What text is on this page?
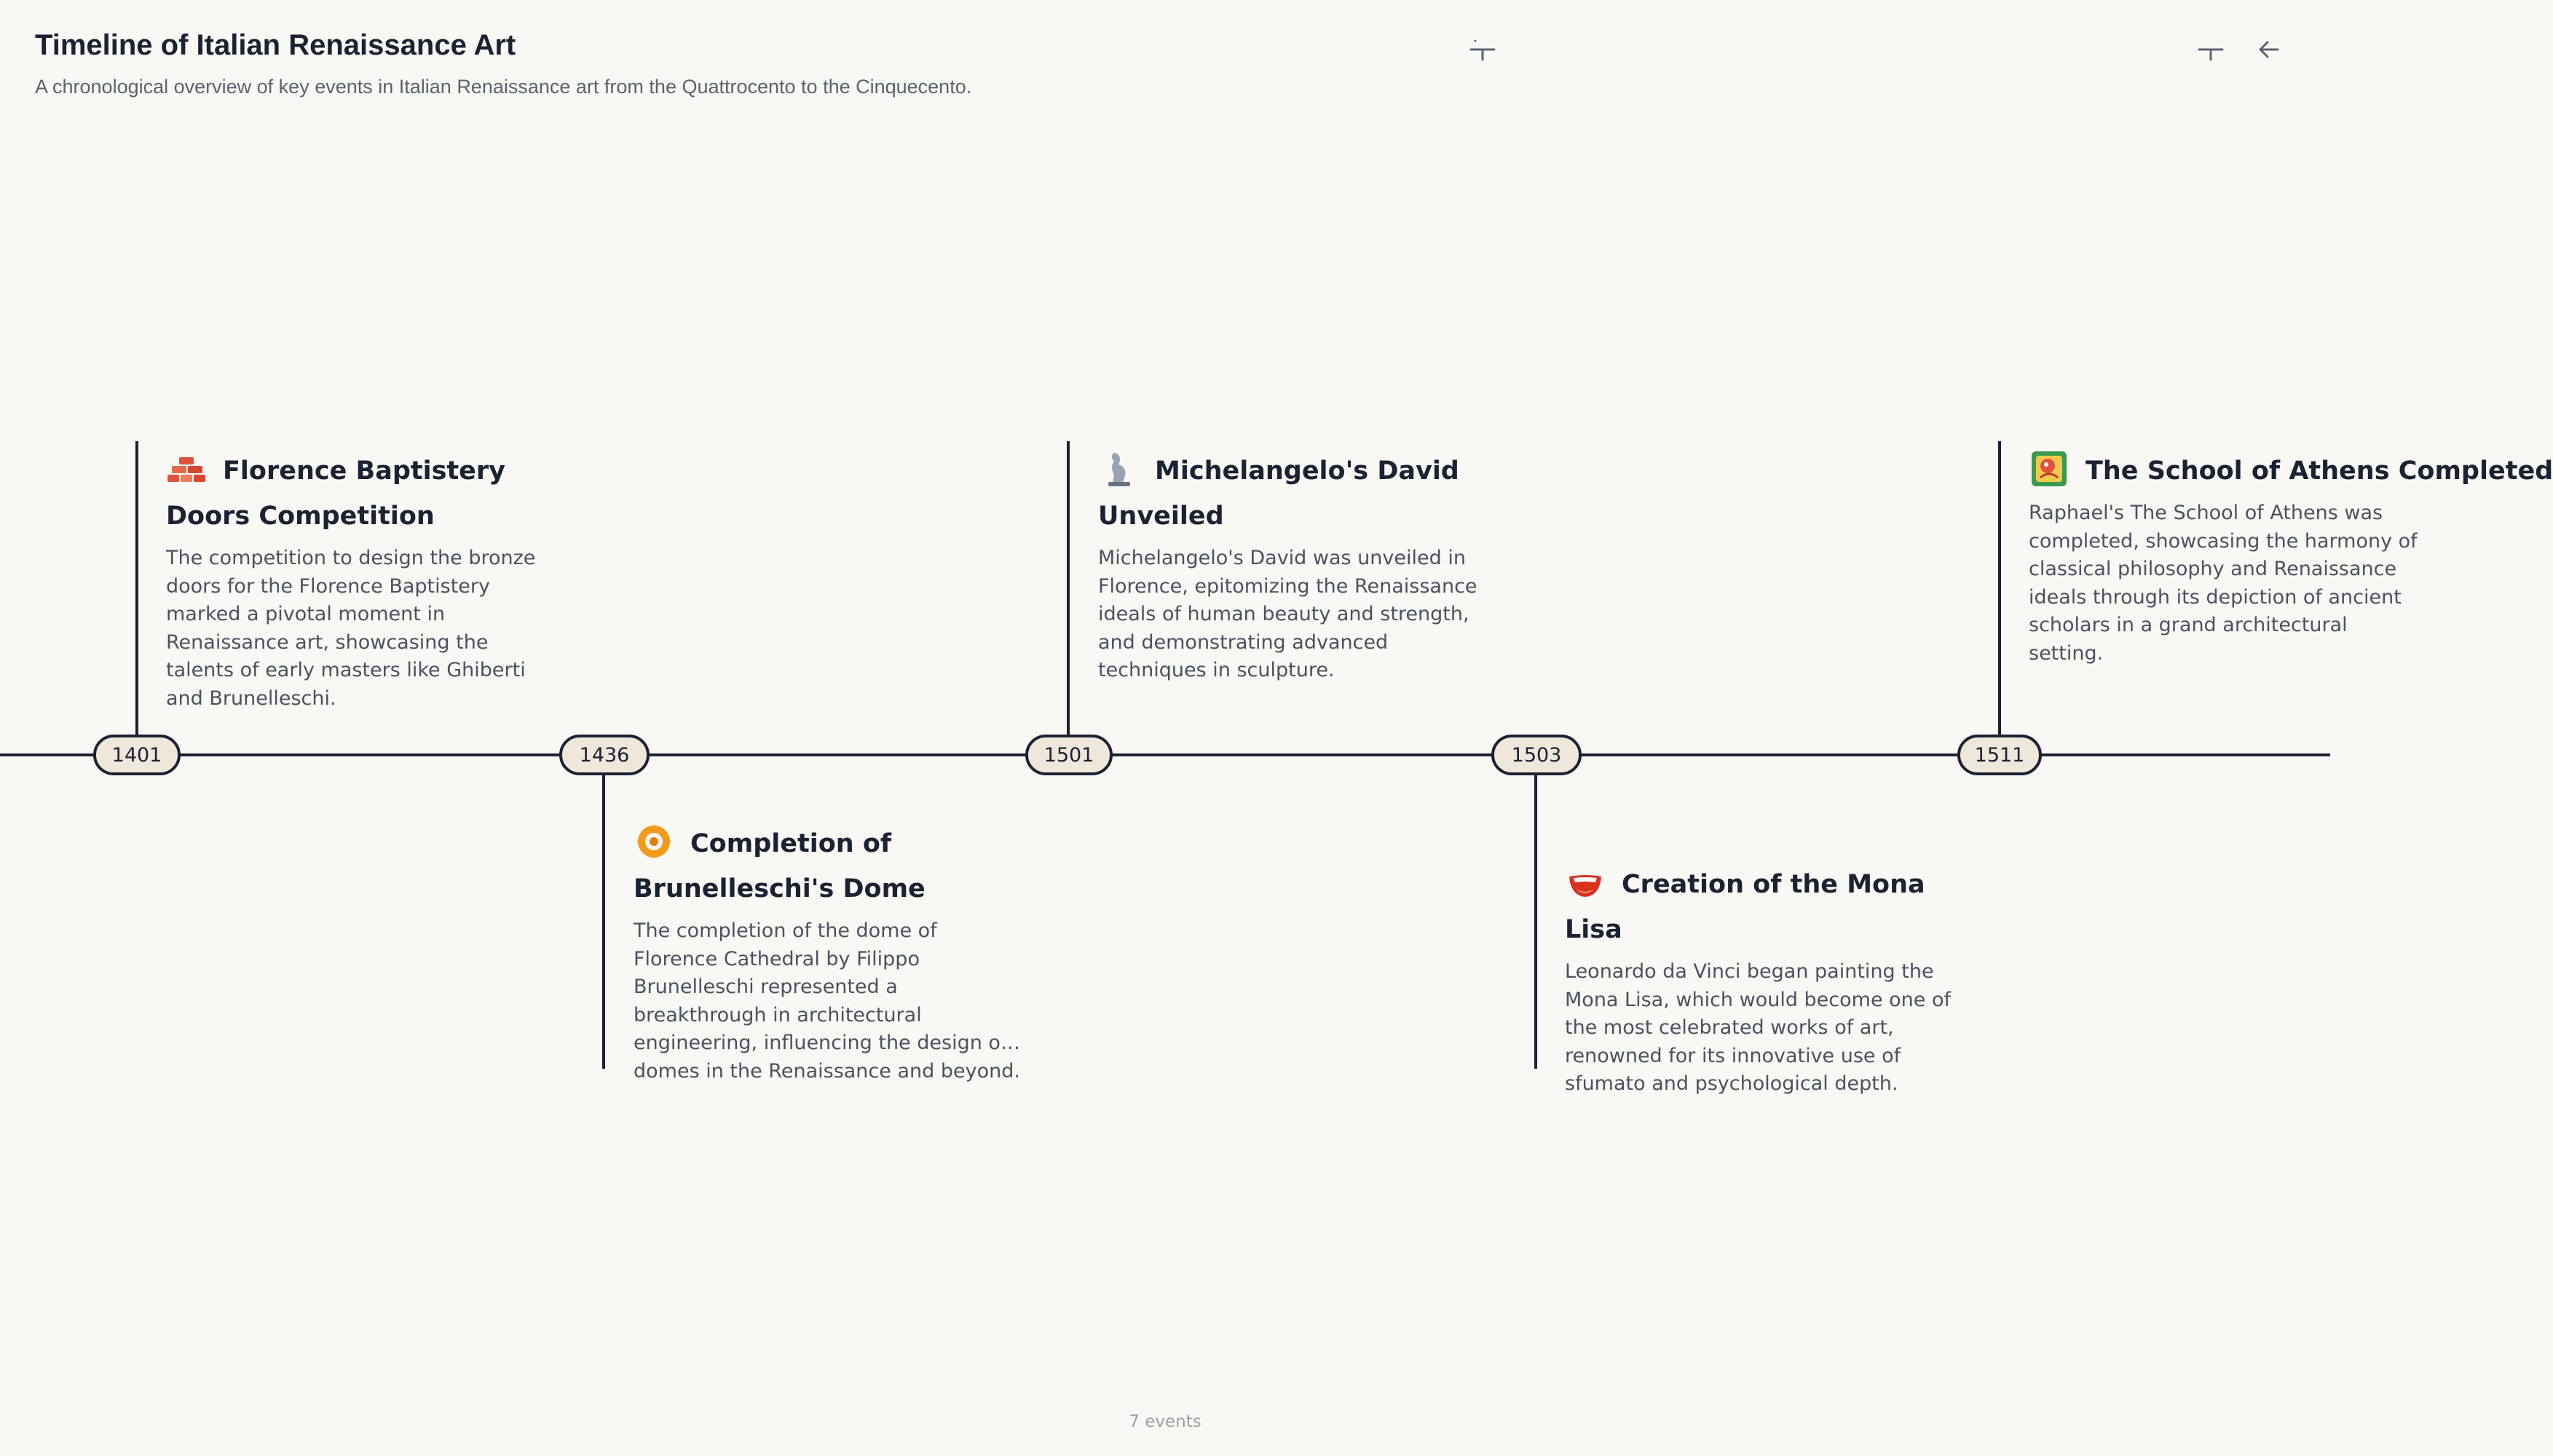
Timeline of Italian Renaissance Art
A chronological overview of key events in Italian Renaissance art from the Quattrocento to the Cinquecento.
1401
Florence Baptistery Doors Competition
The competition to design the bronze doors for the Florence Baptistery marked a pivotal moment in Renaissance art, showcasing the talents of early masters like Ghiberti and Brunelleschi.
1436
Completion of Brunelleschi's Dome
The completion of the dome of Florence Cathedral by Filippo Brunelleschi represented a breakthrough in architectural engineering, influencing the design of domes in the Renaissance and beyond.
1501
Michelangelo's David Unveiled
Michelangelo's David was unveiled in Florence, epitomizing the Renaissance ideals of human beauty and strength, and demonstrating advanced techniques in sculpture.
1503
Creation of the Mona Lisa
Leonardo da Vinci began painting the Mona Lisa, which would become one of the most celebrated works of art, renowned for its innovative use of sfumato and psychological depth.
1511
The School of Athens Completed
Raphael's The School of Athens was completed, showcasing the harmony of classical philosophy and Renaissance ideals through its depiction of ancient scholars in a grand architectural setting.
7 events
